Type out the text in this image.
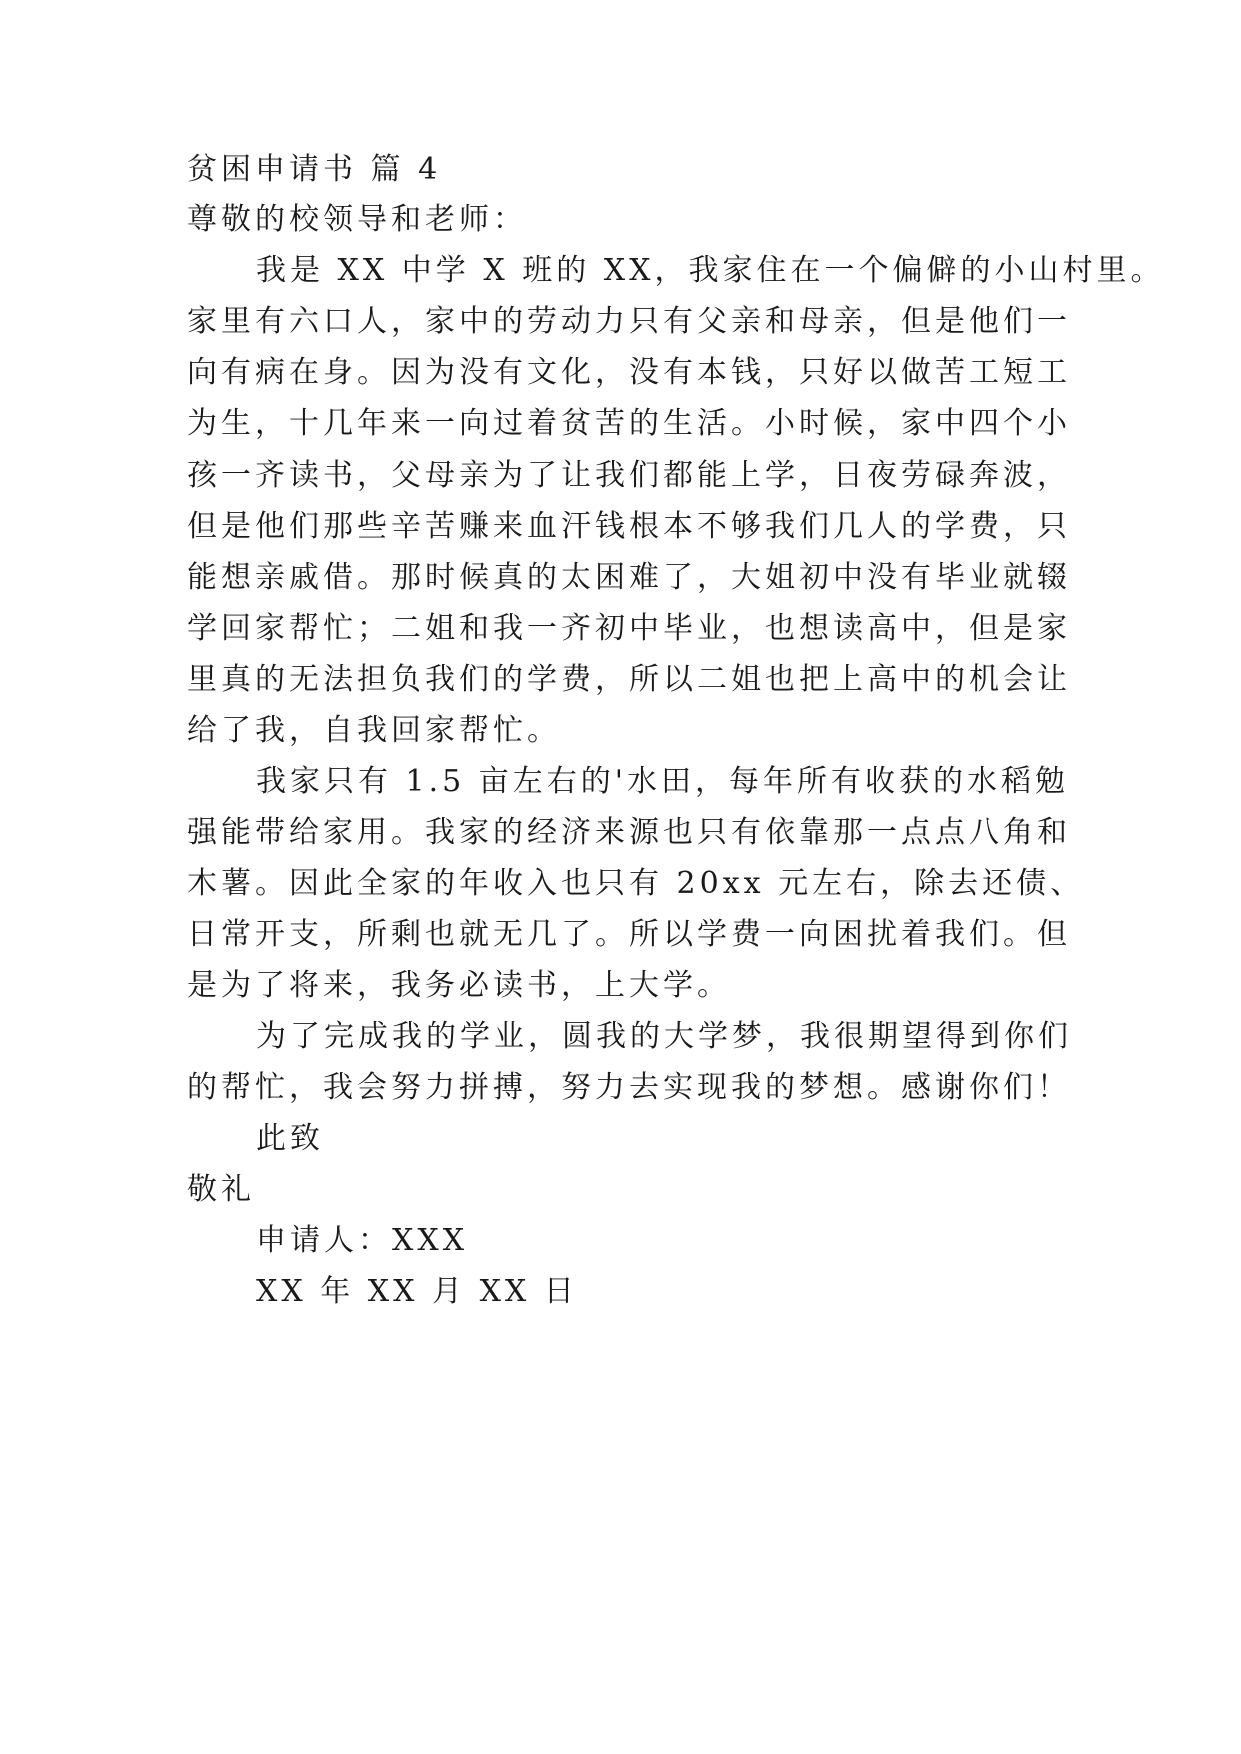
贫困申请书 篇 4
尊敬的校领导和老师：
我是 XX 中学 X 班的 XX，我家住在一个偏僻的小山村里。
家里有六口人，家中的劳动力只有父亲和母亲，但是他们一
向有病在身。因为没有文化，没有本钱，只好以做苦工短工
为生，十几年来一向过着贫苦的生活。小时候，家中四个小
孩一齐读书，父母亲为了让我们都能上学，日夜劳碌奔波，
但是他们那些辛苦赚来血汗钱根本不够我们几人的学费，只
能想亲戚借。那时候真的太困难了，大姐初中没有毕业就辍
学回家帮忙；二姐和我一齐初中毕业，也想读高中，但是家
里真的无法担负我们的学费，所以二姐也把上高中的机会让
给了我，自我回家帮忙。
我家只有 1.5 亩左右的'水田，每年所有收获的水稻勉
强能带给家用。我家的经济来源也只有依靠那一点点八角和
木薯。因此全家的年收入也只有 20xx 元左右，除去还债、
日常开支，所剩也就无几了。所以学费一向困扰着我们。但
是为了将来，我务必读书，上大学。
为了完成我的学业，圆我的大学梦，我很期望得到你们
的帮忙，我会努力拼搏，努力去实现我的梦想。感谢你们！
此致
敬礼
申请人：XXX
XX 年 XX 月 XX 日
